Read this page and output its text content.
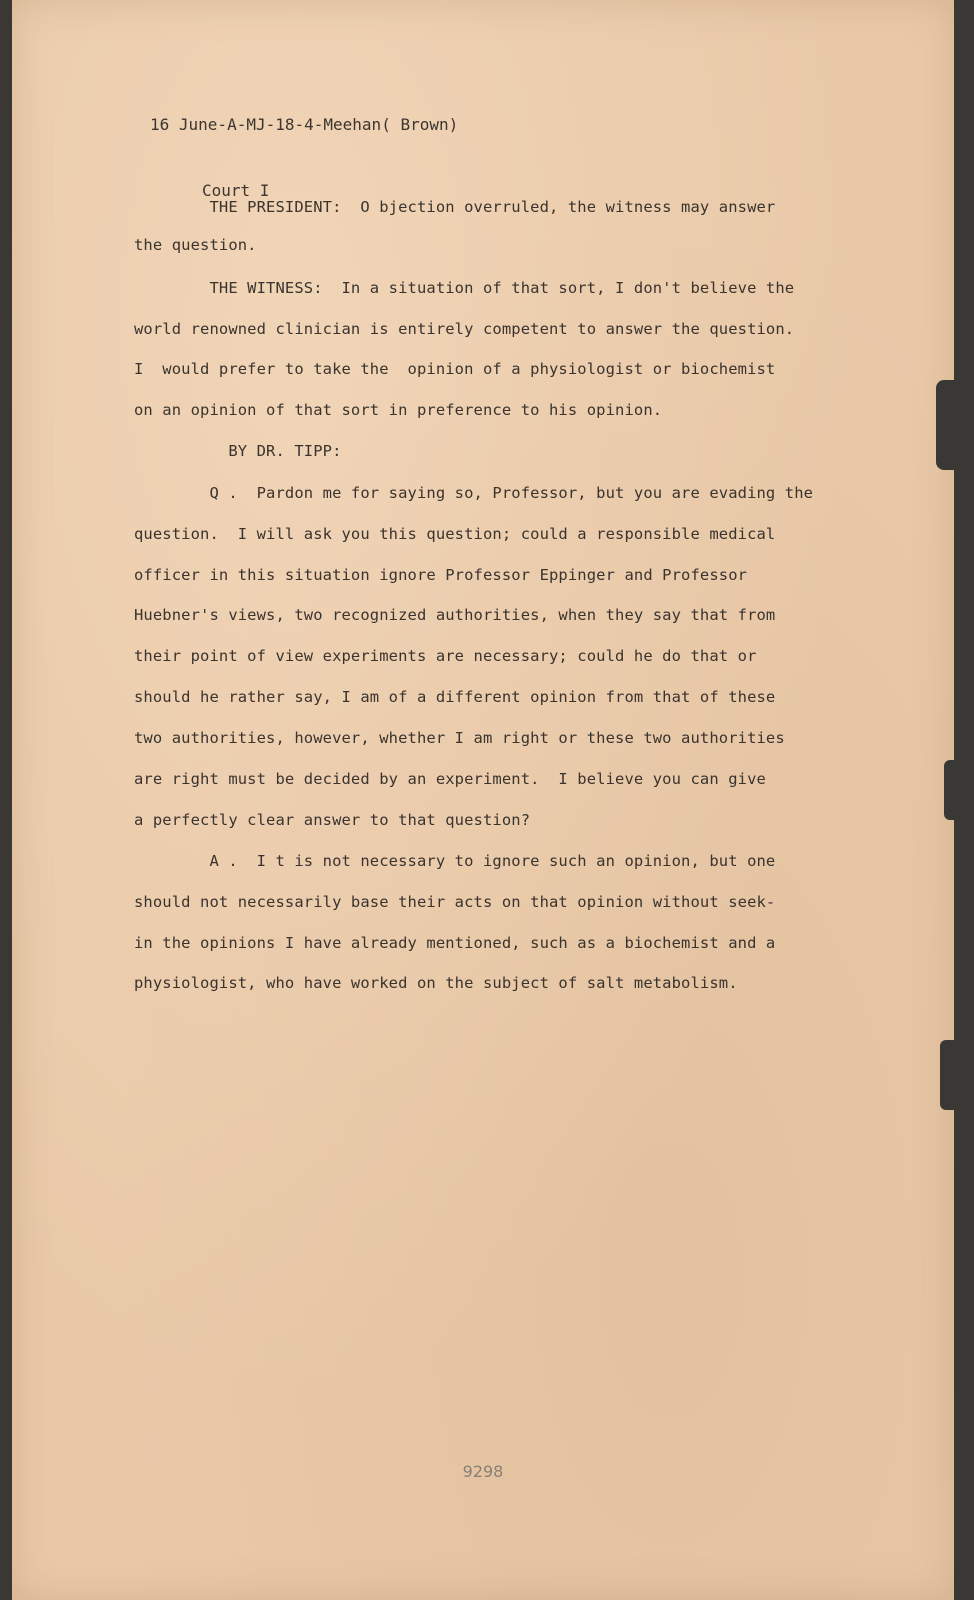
16 June-A-MJ-18-4-Meehan( Brown)

Court I

THE PRESIDENT:  O bjection overruled, the witness may answer
the question.
THE WITNESS:  In a situation of that sort, I don't believe the
world renowned clinician is entirely competent to answer the question.
I  would prefer to take the  opinion of a physiologist or biochemist
on an opinion of that sort in preference to his opinion.
BY DR. TIPP:
Q .  Pardon me for saying so, Professor, but you are evading the
question.  I will ask you this question; could a responsible medical
officer in this situation ignore Professor Eppinger and Professor
Huebner's views, two recognized authorities, when they say that from
their point of view experiments are necessary; could he do that or
should he rather say, I am of a different opinion from that of these
two authorities, however, whether I am right or these two authorities
are right must be decided by an experiment.  I believe you can give
a perfectly clear answer to that question?
A .  I t is not necessary to ignore such an opinion, but one
should not necessarily base their acts on that opinion without seek-
in the opinions I have already mentioned, such as a biochemist and a
physiologist, who have worked on the subject of salt metabolism.
9298
